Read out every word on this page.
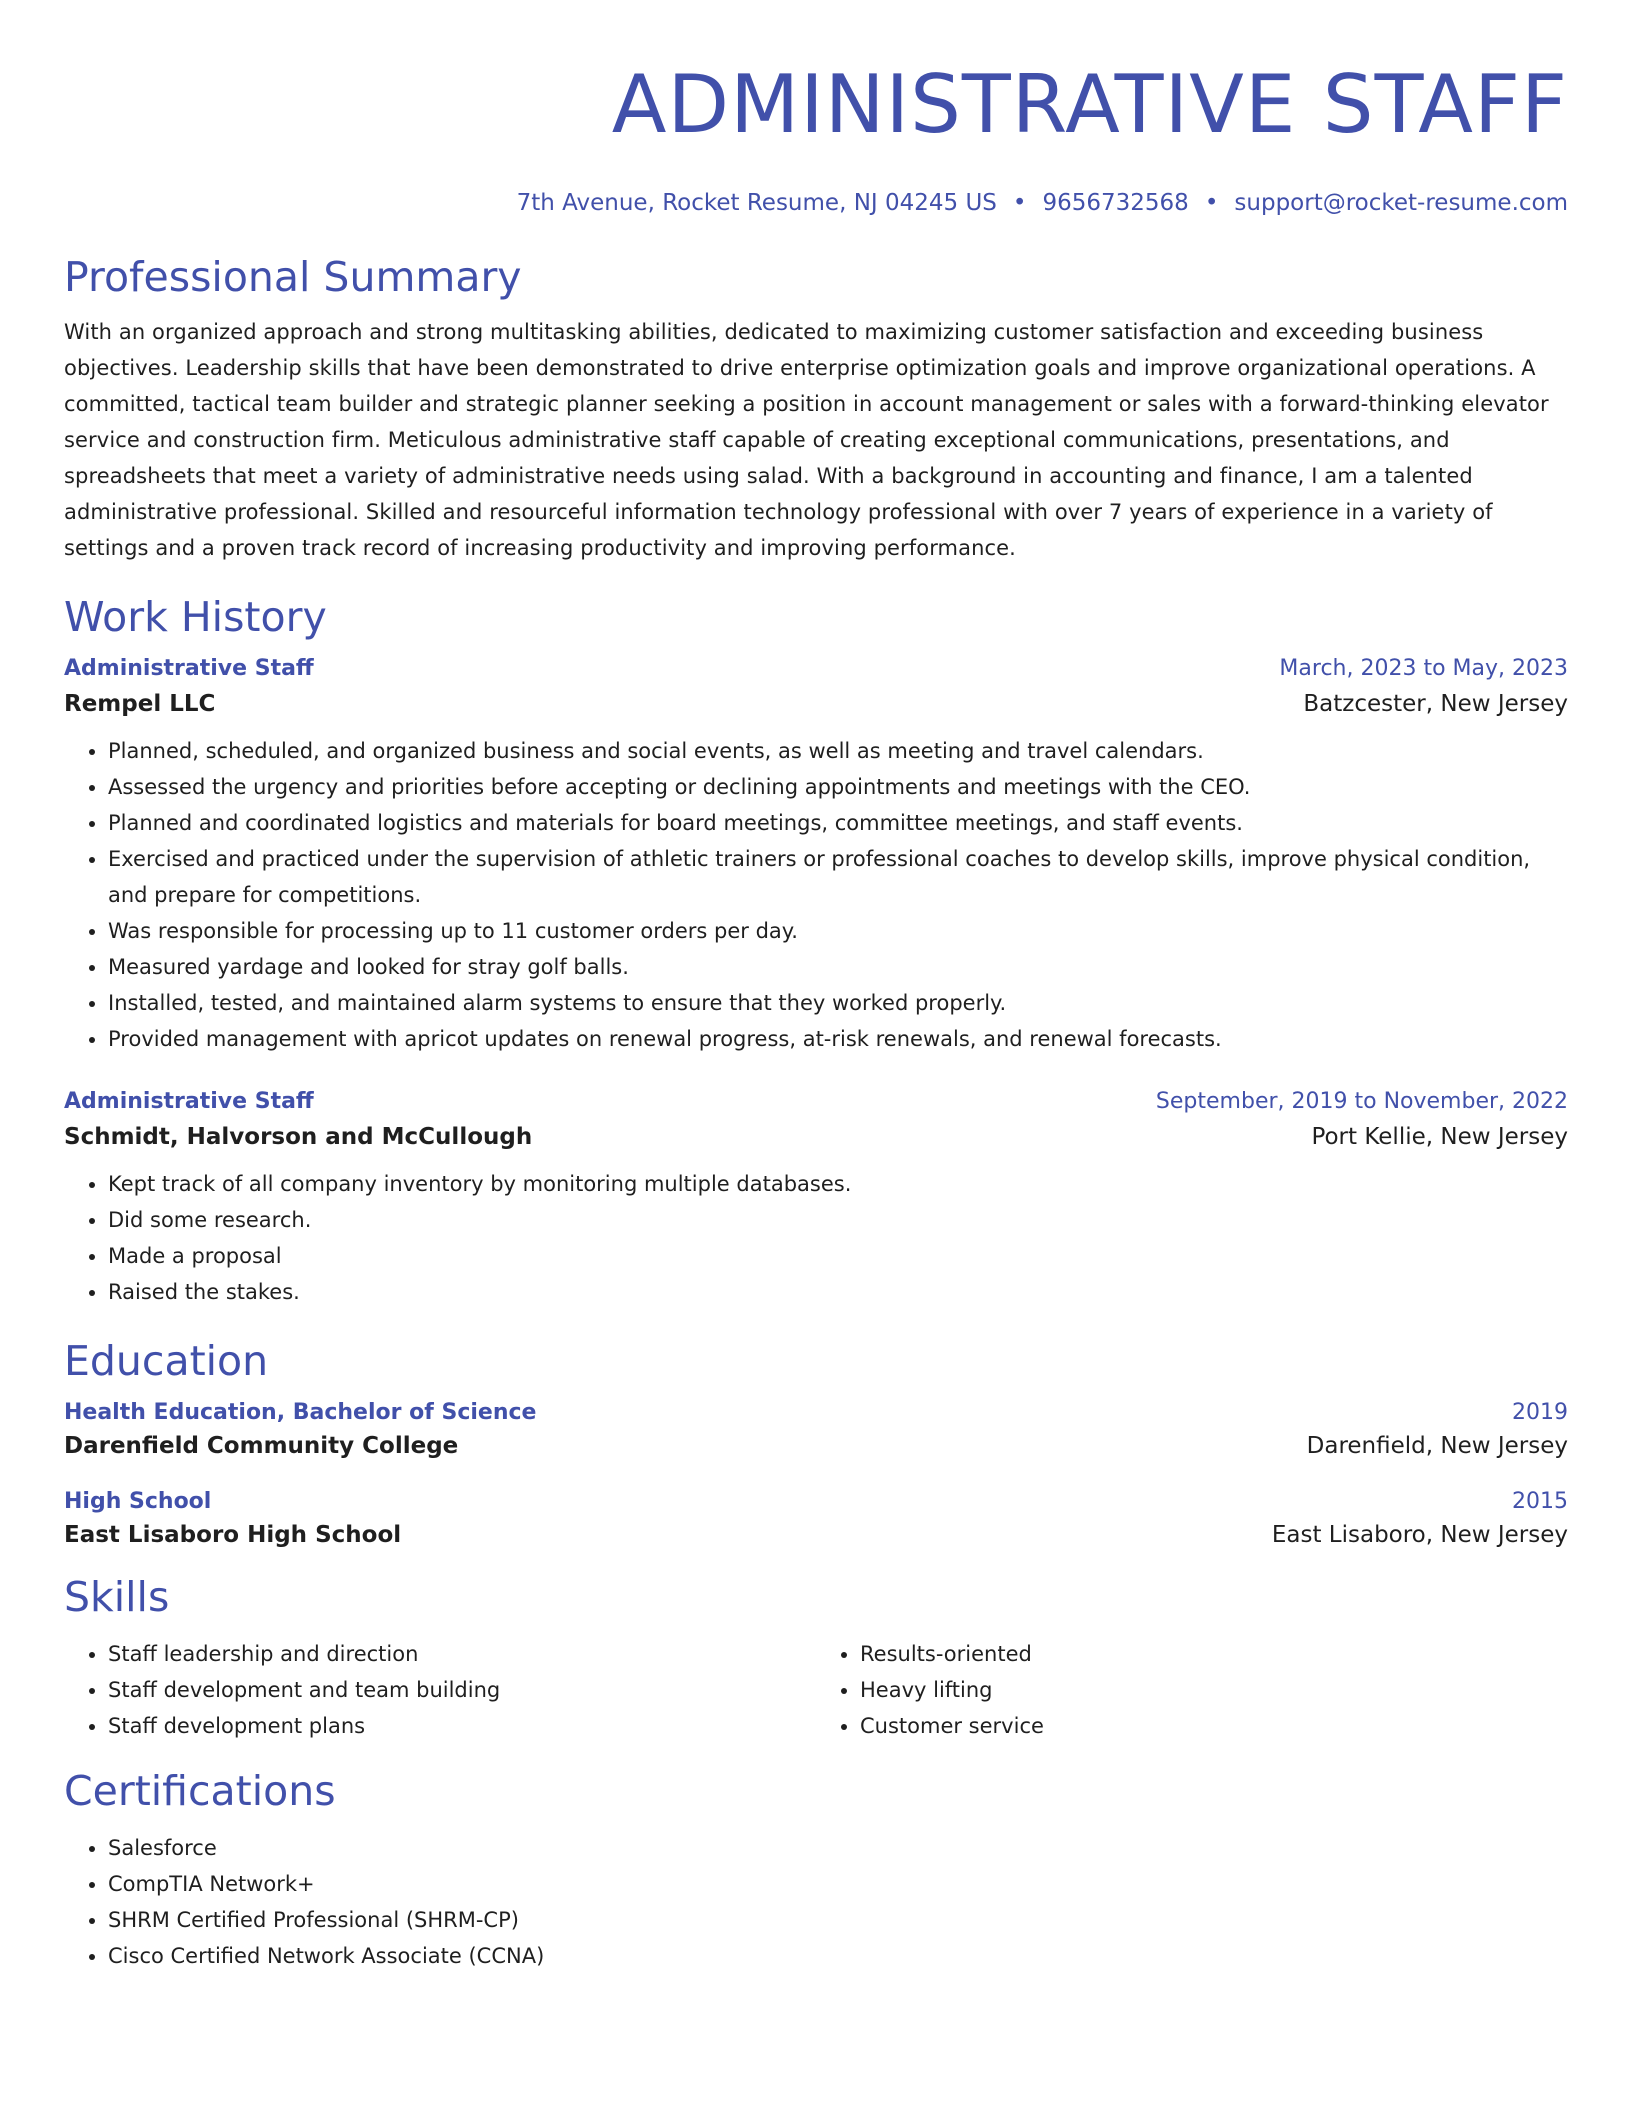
ADMINISTRATIVE STAFF
7th Avenue, Rocket Resume, NJ 04245 US • 9656732568 • support@rocket-resume.com
Professional Summary

With an organized approach and strong multitasking abilities, dedicated to maximizing customer satisfaction and exceeding business objectives. Leadership skills that have been demonstrated to drive enterprise optimization goals and improve organizational operations. A committed, tactical team builder and strategic planner seeking a position in account management or sales with a forward-thinking elevator service and construction firm. Meticulous administrative staff capable of creating exceptional communications, presentations, and spreadsheets that meet a variety of administrative needs using salad. With a background in accounting and finance, I am a talented administrative professional. Skilled and resourceful information technology professional with over 7 years of experience in a variety of settings and a proven track record of increasing productivity and improving performance.

Work History
Administrative Staff	March, 2023 to May, 2023
Rempel LLC	Batzcester, New Jersey
• Planned, scheduled, and organized business and social events, as well as meeting and travel calendars.
• Assessed the urgency and priorities before accepting or declining appointments and meetings with the CEO.
• Planned and coordinated logistics and materials for board meetings, committee meetings, and staff events.
• Exercised and practiced under the supervision of athletic trainers or professional coaches to develop skills, improve physical condition, and prepare for competitions.
• Was responsible for processing up to 11 customer orders per day.
• Measured yardage and looked for stray golf balls.
• Installed, tested, and maintained alarm systems to ensure that they worked properly.
• Provided management with apricot updates on renewal progress, at-risk renewals, and renewal forecasts.
Administrative Staff	September, 2019 to November, 2022
Schmidt, Halvorson and McCullough	Port Kellie, New Jersey
• Kept track of all company inventory by monitoring multiple databases.
• Did some research.
• Made a proposal
• Raised the stakes.
Education
Health Education, Bachelor of Science	2019
Darenfield Community College	Darenfield, New Jersey
High School	2015
East Lisaboro High School	East Lisaboro, New Jersey
Skills
• Staff leadership and direction
• Staff development and team building
• Staff development plans
• Results-oriented
• Heavy lifting
• Customer service
Certifications
• Salesforce
• CompTIA Network+
• SHRM Certified Professional (SHRM-CP)
• Cisco Certified Network Associate (CCNA)
